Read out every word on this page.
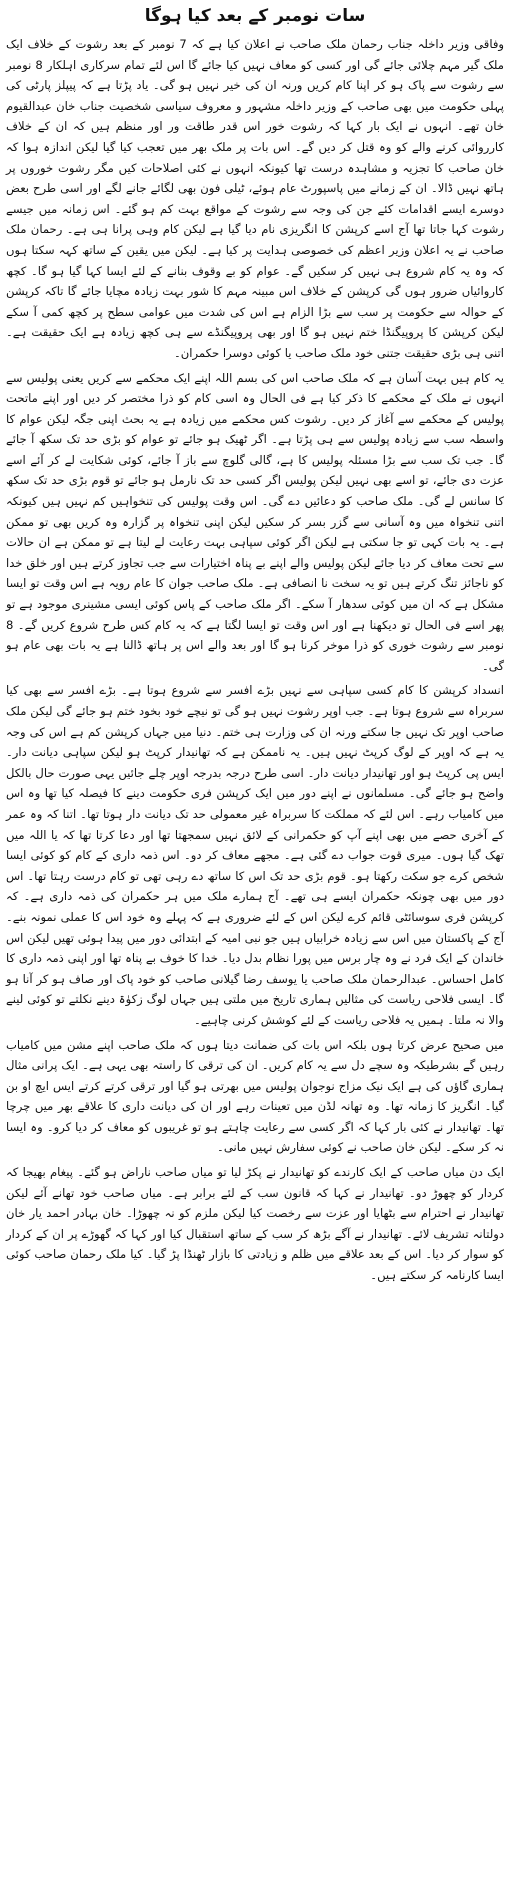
سات نومبر کے بعد کیا ہوگا
وفاقی وزیر داخلہ جناب رحمان ملک صاحب نے اعلان کیا ہے کہ 7 نومبر کے بعد رشوت کے خلاف ایک ملک گیر مہم چلائی جائے گی اور کسی کو معاف نہیں کیا جائے گا اس لئے تمام سرکاری اہلکار 8 نومبر سے رشوت سے پاک ہو کر اپنا کام کریں ورنہ ان کی خیر نہیں ہو گی۔ یاد پڑتا ہے کہ پیپلز پارٹی کی پہلی حکومت میں بھی صاحب کے وزیر داخلہ مشہور و معروف سیاسی شخصیت جناب خان عبدالقیوم خان تھے۔ انہوں نے ایک بار کہا کہ رشوت خور اس قدر طاقت ور اور منظم ہیں کہ ان کے خلاف کارروائی کرنے والے کو وہ قتل کر دیں گے۔ اس بات پر ملک بھر میں تعجب کیا گیا لیکن اندازہ ہوا کہ خان صاحب کا تجزیہ و مشاہدہ درست تھا کیونکہ انہوں نے کئی اصلاحات کیں مگر رشوت خوروں پر ہاتھ نہیں ڈالا۔ ان کے زمانے میں پاسپورٹ عام ہوئے، ٹیلی فون بھی لگائے جانے لگے اور اسی طرح بعض دوسرے ایسے اقدامات کئے جن کی وجہ سے رشوت کے مواقع بہت کم ہو گئے۔ اس زمانہ میں جیسے رشوت کہا جاتا تھا آج اسے کرپشن کا انگریزی نام دیا گیا ہے لیکن کام وہی پرانا ہی ہے۔ رحمان ملک صاحب نے یہ اعلان وزیر اعظم کی خصوصی ہدایت پر کیا ہے۔ لیکن میں یقین کے ساتھ کہہ سکتا ہوں کہ وہ یہ کام شروع ہی نہیں کر سکیں گے۔ عوام کو بے وقوف بنانے کے لئے ایسا کہا گیا ہو گا۔ کچھ کاروائیاں ضرور ہوں گی کرپشن کے خلاف اس مبینہ مہم کا شور بہت زیادہ مچایا جائے گا تاکہ کرپشن کے حوالہ سے حکومت پر سب سے بڑا الزام ہے اس کی شدت میں عوامی سطح پر کچھ کمی آ سکے لیکن کرپشن کا پروپیگنڈا ختم نہیں ہو گا اور بھی پروپیگنڈے سے ہی کچھ زیادہ ہے ایک حقیقت ہے۔ اتنی ہی بڑی حقیقت جتنی خود ملک صاحب یا کوئی دوسرا حکمران۔
یہ کام ہیں بہت آسان ہے کہ ملک صاحب اس کی بسم اللہ اپنے ایک محکمے سے کریں یعنی پولیس سے انہوں نے ملک کے محکمے کا ذکر کیا ہے فی الحال وہ اسی کام کو ذرا مختصر کر دیں اور اپنے ماتحت پولیس کے محکمے سے آغاز کر دیں۔ رشوت کس محکمے میں زیادہ ہے یہ بحث اپنی جگہ لیکن عوام کا واسطہ سب سے زیادہ پولیس سے ہی پڑتا ہے۔ اگر ٹھیک ہو جائے تو عوام کو بڑی حد تک سکھ آ جائے گا۔ جب تک سب سے بڑا مسئلہ پولیس کا ہے، گالی گلوچ سے باز آ جائے، کوئی شکایت لے کر آئے اسے عزت دی جائے، تو اسے بھی نہیں لیکن پولیس اگر کسی حد تک نارمل ہو جائے تو قوم بڑی حد تک سکھ کا سانس لے گی۔ ملک صاحب کو دعائیں دے گی۔ اس وقت پولیس کی تنخواہیں کم نہیں ہیں کیونکہ اتنی تنخواہ میں وہ آسانی سے گزر بسر کر سکیں لیکن اپنی تنخواہ پر گزارہ وہ کریں بھی تو ممکن ہے۔ یہ بات کہی تو جا سکتی ہے لیکن اگر کوئی سپاہی بہت رعایت لے لیتا ہے تو ممکن ہے ان حالات سے تحت معاف کر دیا جائے لیکن پولیس والے اپنے بے پناہ اختیارات سے جب تجاوز کرتے ہیں اور خلق خدا کو ناجائز تنگ کرتے ہیں تو یہ سخت نا انصافی ہے۔ ملک صاحب جوان کا عام رویہ ہے اس وقت تو ایسا مشکل ہے کہ ان میں کوئی سدھار آ سکے۔ اگر ملک صاحب کے پاس کوئی ایسی مشینری موجود ہے تو پھر اسے فی الحال تو دیکھنا ہے اور اس وقت تو ایسا لگتا ہے کہ یہ کام کس طرح شروع کریں گے۔ 8 نومبر سے رشوت خوری کو ذرا موخر کرنا ہو گا اور بعد والے اس پر ہاتھ ڈالنا ہے یہ بات بھی عام ہو گی۔
انسداد کرپشن کا کام کسی سپاہی سے نہیں بڑے افسر سے شروع ہوتا ہے۔ بڑے افسر سے بھی کیا سربراہ سے شروع ہوتا ہے۔ جب اوپر رشوت نہیں ہو گی تو نیچے خود بخود ختم ہو جائے گی لیکن ملک صاحب اوپر تک نہیں جا سکتے ورنہ ان کی وزارت ہی ختم۔ دنیا میں جہاں کرپشن کم ہے اس کی وجہ یہ ہے کہ اوپر کے لوگ کرپٹ نہیں ہیں۔ یہ ناممکن ہے کہ تھانیدار کرپٹ ہو لیکن سپاہی دیانت دار۔ ایس پی کرپٹ ہو اور تھانیدار دیانت دار۔ اسی طرح درجہ بدرجہ اوپر چلے جائیں یہی صورت حال بالکل واضح ہو جائے گی۔ مسلمانوں نے اپنے دور میں ایک کرپشن فری حکومت دینے کا فیصلہ کیا تھا وہ اس میں کامیاب رہے۔ اس لئے کہ مملکت کا سربراہ غیر معمولی حد تک دیانت دار ہوتا تھا۔ اتنا کہ وہ عمر کے آخری حصے میں بھی اپنے آپ کو حکمرانی کے لائق نہیں سمجھتا تھا اور دعا کرتا تھا کہ یا اللہ میں تھک گیا ہوں۔ میری قوت جواب دے گئی ہے۔ مجھے معاف کر دو۔ اس ذمہ داری کے کام کو کوئی ایسا شخص کرے جو سکت رکھتا ہو۔ قوم بڑی حد تک اس کا ساتھ دے رہی تھی تو کام درست رہتا تھا۔ اس دور میں بھی چونکہ حکمران ایسے ہی تھے۔ آج ہمارے ملک میں ہر حکمران کی ذمہ داری ہے۔ کہ کرپشن فری سوسائٹی قائم کرے لیکن اس کے لئے ضروری ہے کہ پہلے وہ خود اس کا عملی نمونہ بنے۔ آج کے پاکستان میں اس سے زیادہ خرابیاں ہیں جو نبی امیہ کے ابتدائی دور میں پیدا ہوئی تھیں لیکن اس خاندان کے ایک فرد نے وہ چار برس میں پورا نظام بدل دیا۔ خدا کا خوف بے پناہ تھا اور اپنی ذمہ داری کا کامل احساس۔ عبدالرحمان ملک صاحب یا یوسف رضا گیلانی صاحب کو خود پاک اور صاف ہو کر آنا ہو گا۔ ایسی فلاحی ریاست کی مثالیں ہماری تاریخ میں ملتی ہیں جہاں لوگ زکوٰۃ دینے نکلتے تو کوئی لینے والا نہ ملتا۔ ہمیں یہ فلاحی ریاست کے لئے کوشش کرنی چاہیے۔
میں صحیح عرض کرتا ہوں بلکہ اس بات کی ضمانت دیتا ہوں کہ ملک صاحب اپنے مشن میں کامیاب رہیں گے بشرطیکہ وہ سچے دل سے یہ کام کریں۔ ان کی ترقی کا راستہ بھی یہی ہے۔ ایک پرانی مثال ہماری گاؤں کی ہے ایک نیک مزاج نوجوان پولیس میں بھرتی ہو گیا اور ترقی کرتے کرتے ایس ایچ او بن گیا۔ انگریز کا زمانہ تھا۔ وہ تھانہ لڈن میں تعینات رہے اور ان کی دیانت داری کا علاقے بھر میں چرچا تھا۔ تھانیدار نے کئی بار کہا کہ اگر کسی سے رعایت چاہتے ہو تو غریبوں کو معاف کر دیا کرو۔ وہ ایسا نہ کر سکے۔ لیکن خان صاحب نے کوئی سفارش نہیں مانی۔
ایک دن میاں صاحب کے ایک کارندے کو تھانیدار نے پکڑ لیا تو میاں صاحب ناراض ہو گئے۔ پیغام بھیجا کہ کردار کو چھوڑ دو۔ تھانیدار نے کہا کہ قانون سب کے لئے برابر ہے۔ میاں صاحب خود تھانے آئے لیکن تھانیدار نے احترام سے بٹھایا اور عزت سے رخصت کیا لیکن ملزم کو نہ چھوڑا۔ خان بہادر احمد یار خان دولتانہ تشریف لائے۔ تھانیدار نے آگے بڑھ کر سب کے ساتھ استقبال کیا اور کہا کہ گھوڑے پر ان کے کردار کو سوار کر دیا۔ اس کے بعد علاقے میں ظلم و زیادتی کا بازار ٹھنڈا پڑ گیا۔ کیا ملک رحمان صاحب کوئی ایسا کارنامہ کر سکتے ہیں۔
